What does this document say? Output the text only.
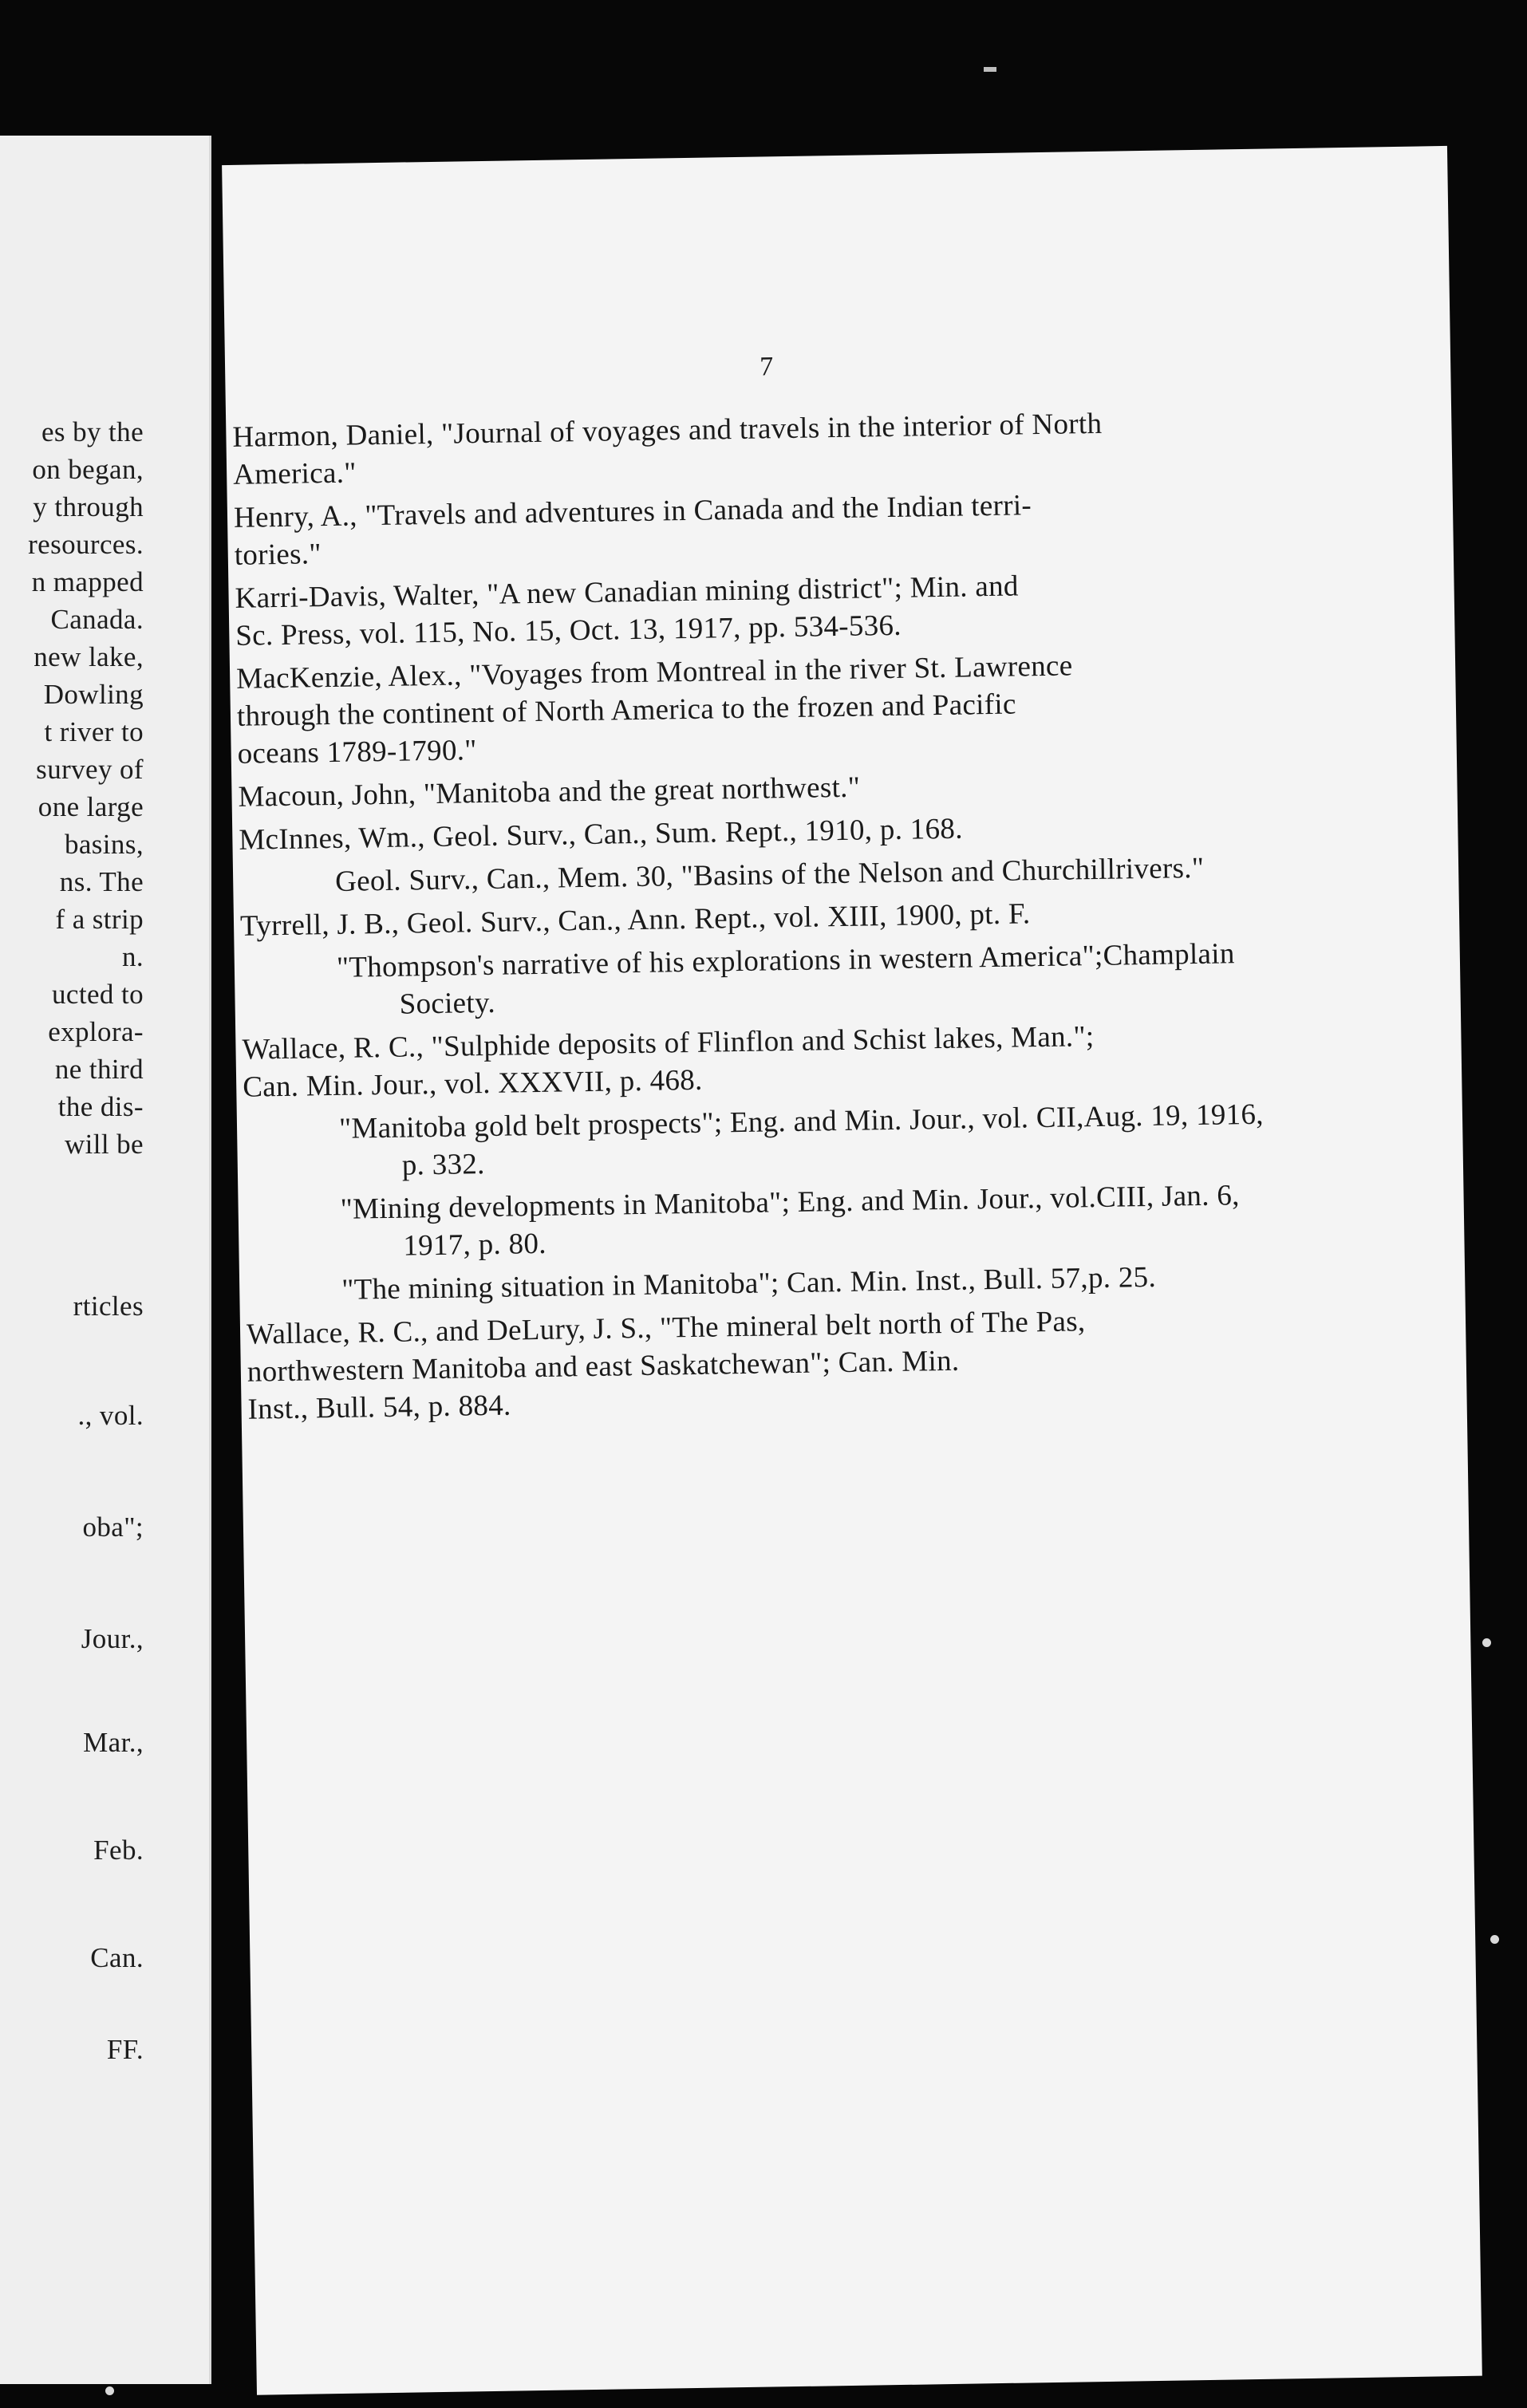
es by the

on began,

y through

resources.

n mapped

Canada.

new lake,

Dowling

t river to

survey of

one large

basins,

ns. The

f a strip

n.

ucted to

explora-

ne third

the dis-

will be

rticles

., vol.

oba";

Jour.,

Mar.,

Feb.

Can.

FF.

7

Harmon, Daniel, "Journal of voyages and travels in the interior of North
America."

Henry, A., "Travels and adventures in Canada and the Indian terri-
tories."

Karri-Davis, Walter, "A new Canadian mining district"; Min. and
Sc. Press, vol. 115, No. 15, Oct. 13, 1917, pp. 534-536.

MacKenzie, Alex., "Voyages from Montreal in the river St. Lawrence
through the continent of North America to the frozen and Pacific
oceans 1789-1790."

Macoun, John, "Manitoba and the great northwest."

McInnes, Wm., Geol. Surv., Can., Sum. Rept., 1910, p. 168.

Geol. Surv., Can., Mem. 30, "Basins of the Nelson and Churchillrivers."

Tyrrell, J. B., Geol. Surv., Can., Ann. Rept., vol. XIII, 1900, pt. F.

"Thompson's narrative of his explorations in western America";Champlain Society.

Wallace, R. C., "Sulphide deposits of Flinflon and Schist lakes, Man.";
Can. Min. Jour., vol. XXXVII, p. 468.

"Manitoba gold belt prospects"; Eng. and Min. Jour., vol. CII,Aug. 19, 1916, p. 332.

"Mining developments in Manitoba"; Eng. and Min. Jour., vol.CIII, Jan. 6, 1917, p. 80.

"The mining situation in Manitoba"; Can. Min. Inst., Bull. 57,p. 25.

Wallace, R. C., and DeLury, J. S., "The mineral belt north of The Pas,
northwestern Manitoba and east Saskatchewan"; Can. Min.
Inst., Bull. 54, p. 884.
